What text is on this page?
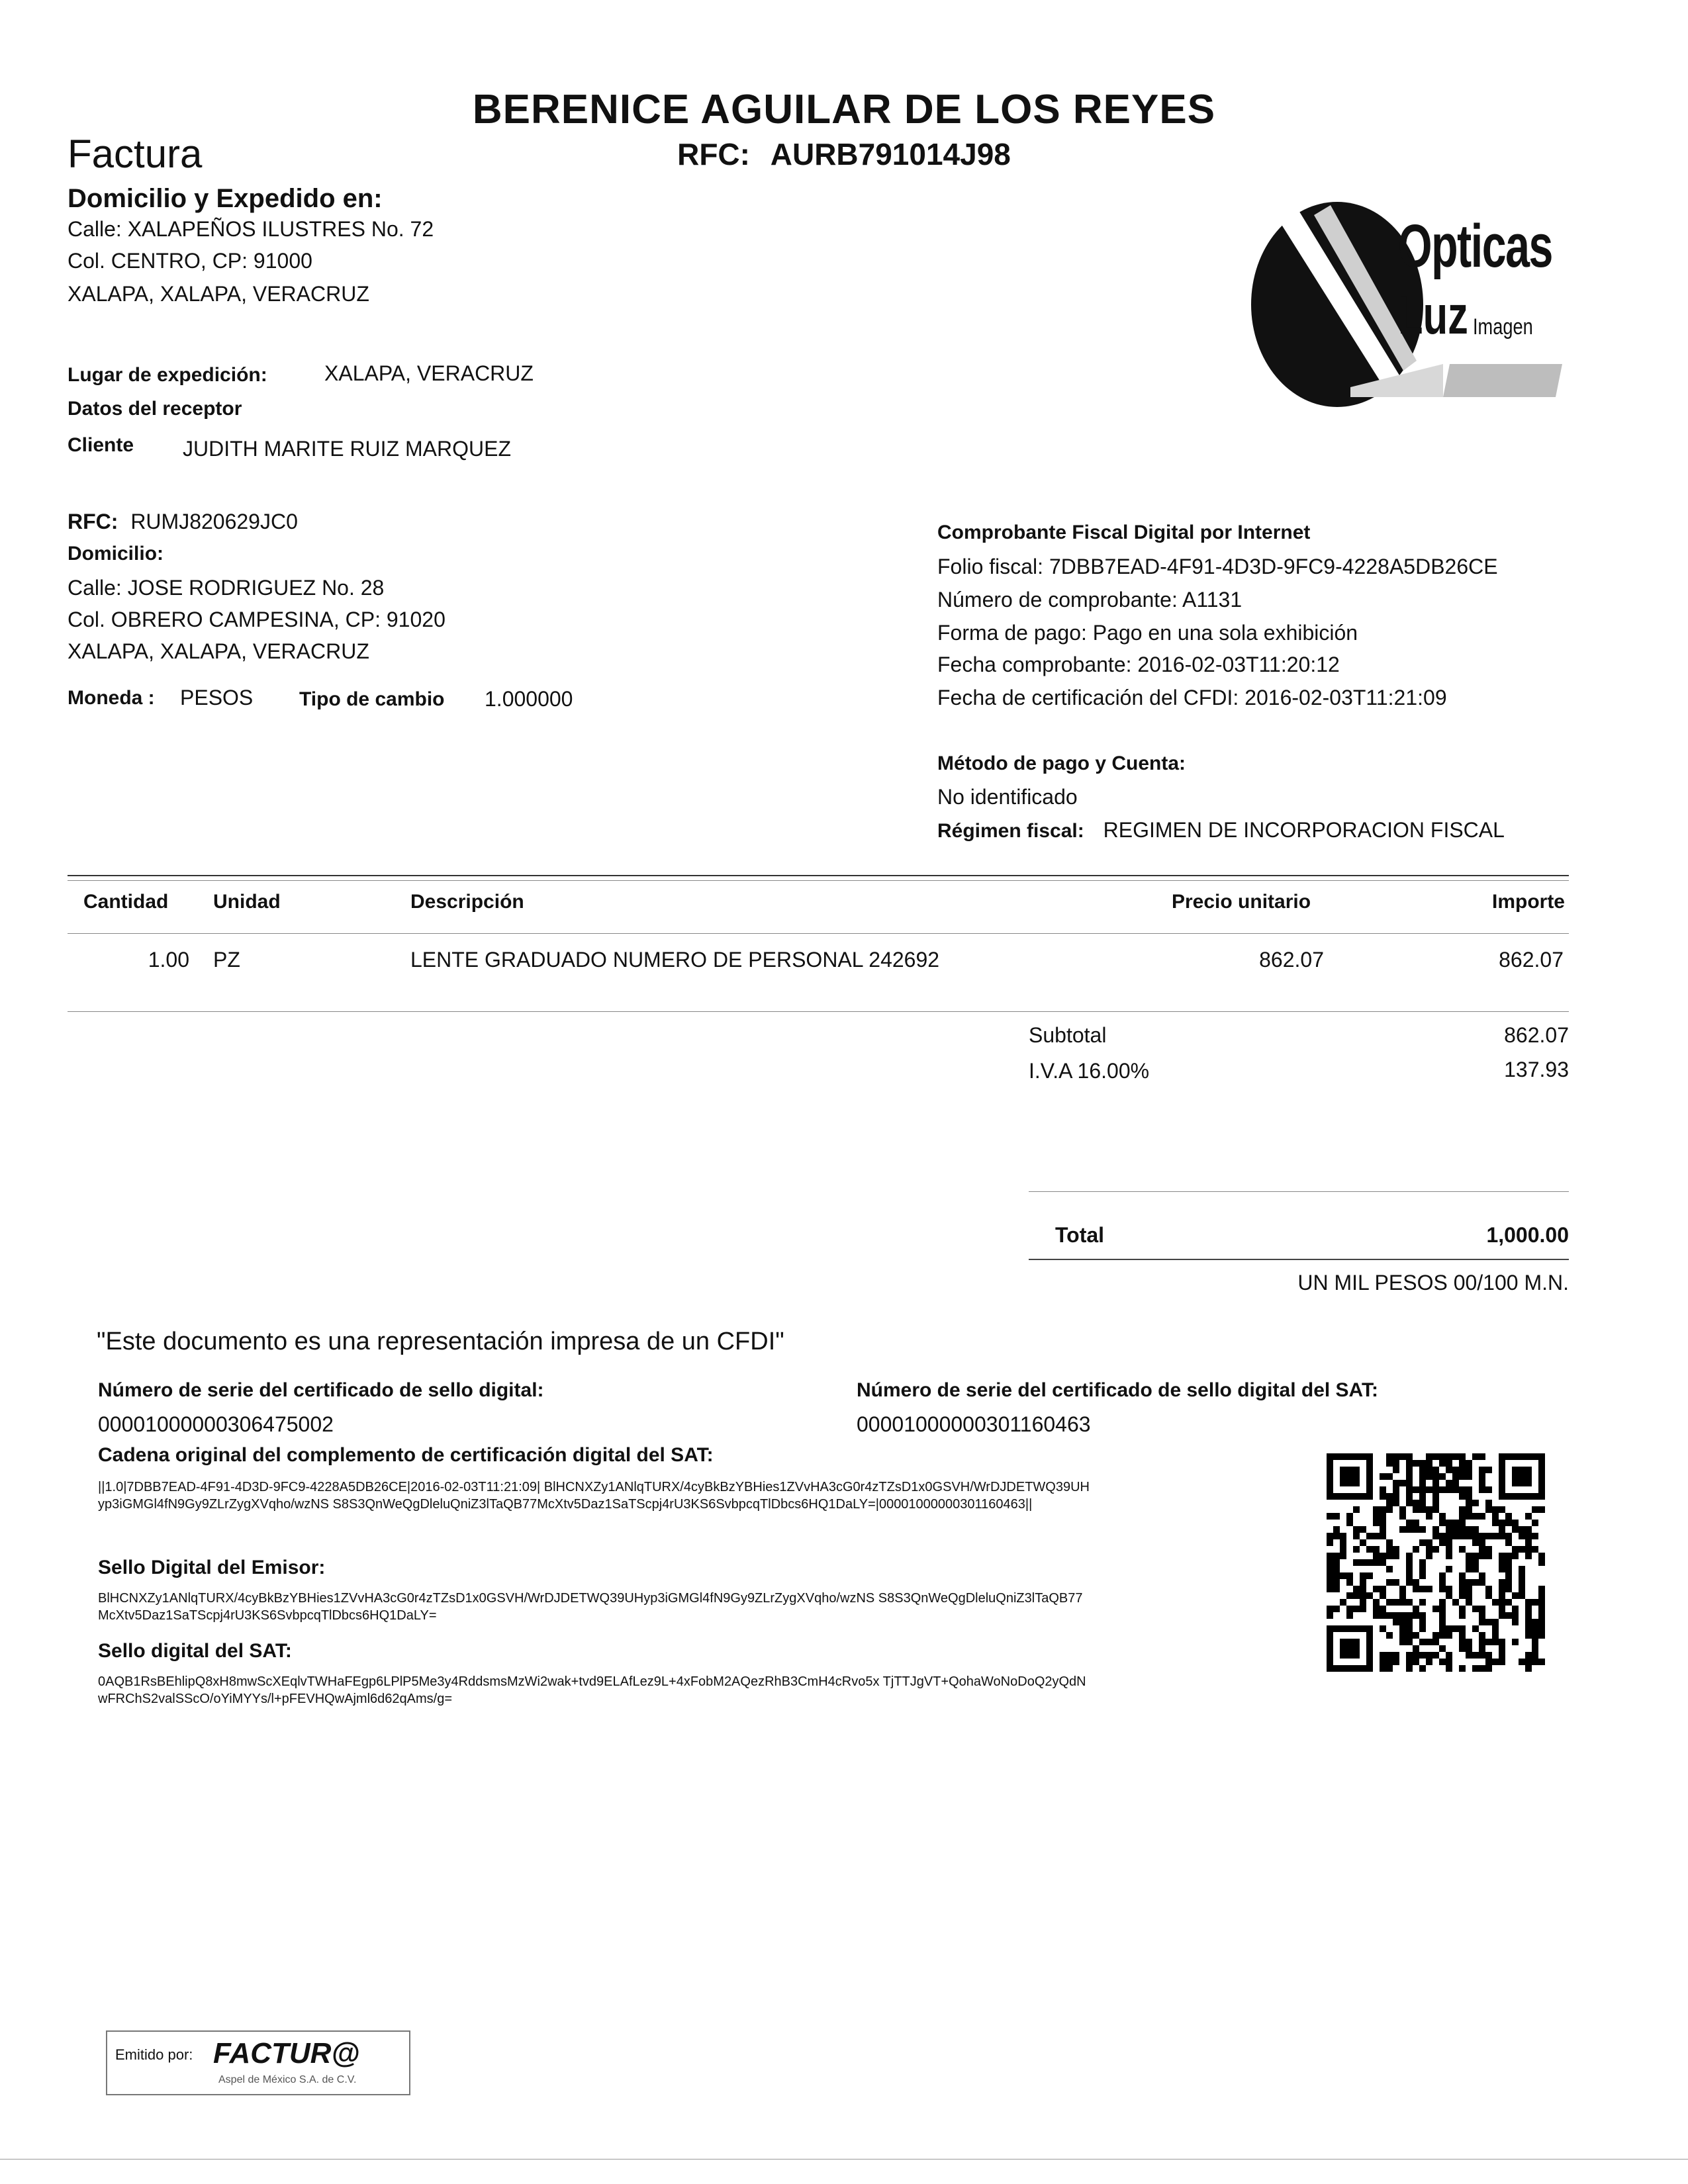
BERENICE AGUILAR DE LOS REYES
RFC: AURB791014J98
Factura
Domicilio y Expedido en:
Calle: XALAPEÑOS ILUSTRES No. 72
Col. CENTRO, CP: 91000
XALAPA, XALAPA, VERACRUZ
Opticas
Luz Imagen
Lugar de expedición:	XALAPA, VERACRUZ
Datos del receptor
Cliente JUDITH MARITE RUIZ MARQUEZ
RFC: RUMJ820629JC0
Domicilio:
Calle: JOSE RODRIGUEZ No. 28
Col. OBRERO CAMPESINA, CP: 91020
XALAPA, XALAPA, VERACRUZ
Moneda : PESOS Tipo de cambio 1.000000
Comprobante Fiscal Digital por Internet
Folio fiscal: 7DBB7EAD-4F91-4D3D-9FC9-4228A5DB26CE
Número de comprobante: A1131
Forma de pago: Pago en una sola exhibición
Fecha comprobante: 2016-02-03T11:20:12
Fecha de certificación del CFDI: 2016-02-03T11:21:09
Método de pago y Cuenta:
No identificado
Régimen fiscal: REGIMEN DE INCORPORACION FISCAL
Cantidad Unidad	Descripción	Precio unitario	Importe
1.00 PZ	LENTE GRADUADO NUMERO DE PERSONAL 242692	862.07	862.07
Subtotal	862.07
I.V.A 16.00%	137.93
Total	1,000.00
UN MIL PESOS 00/100 M.N.
"Este documento es una representación impresa de un CFDI"
Número de serie del certificado de sello digital:
00001000000306475002
Número de serie del certificado de sello digital del SAT:
00001000000301160463
Cadena original del complemento de certificación digital del SAT:
||1.0|7DBB7EAD-4F91-4D3D-9FC9-4228A5DB26CE|2016-02-03T11:21:09| BlHCNXZy1ANlqTURX/4cyBkBzYBHies1ZVvHA3cG0r4zTZsD1x0GSVH/WrDJDETWQ39UHyp3iGMGl4fN9Gy9ZLrZygXVqho/wzNS S8S3QnWeQgDleluQniZ3lTaQB77McXtv5Daz1SaTScpj4rU3KS6SvbpcqTlDbcs6HQ1DaLY=|00001000000301160463||
Sello Digital del Emisor:
BlHCNXZy1ANlqTURX/4cyBkBzYBHies1ZVvHA3cG0r4zTZsD1x0GSVH/WrDJDETWQ39UHyp3iGMGl4fN9Gy9ZLrZygXVqho/wzNS S8S3QnWeQgDleluQniZ3lTaQB77McXtv5Daz1SaTScpj4rU3KS6SvbpcqTlDbcs6HQ1DaLY=
Sello digital del SAT:
0AQB1RsBEhlipQ8xH8mwScXEqlvTWHaFEgp6LPlP5Me3y4RddsmsMzWi2wak+tvd9ELAfLez9L+4xFobM2AQezRhB3CmH4cRvo5x TjTTJgVT+QohaWoNoDoQ2yQdNwFRChS2valSScO/oYiMYYs/l+pFEVHQwAjml6d62qAms/g=
Emitido por: FACTUR@
Aspel de México S.A. de C.V.
